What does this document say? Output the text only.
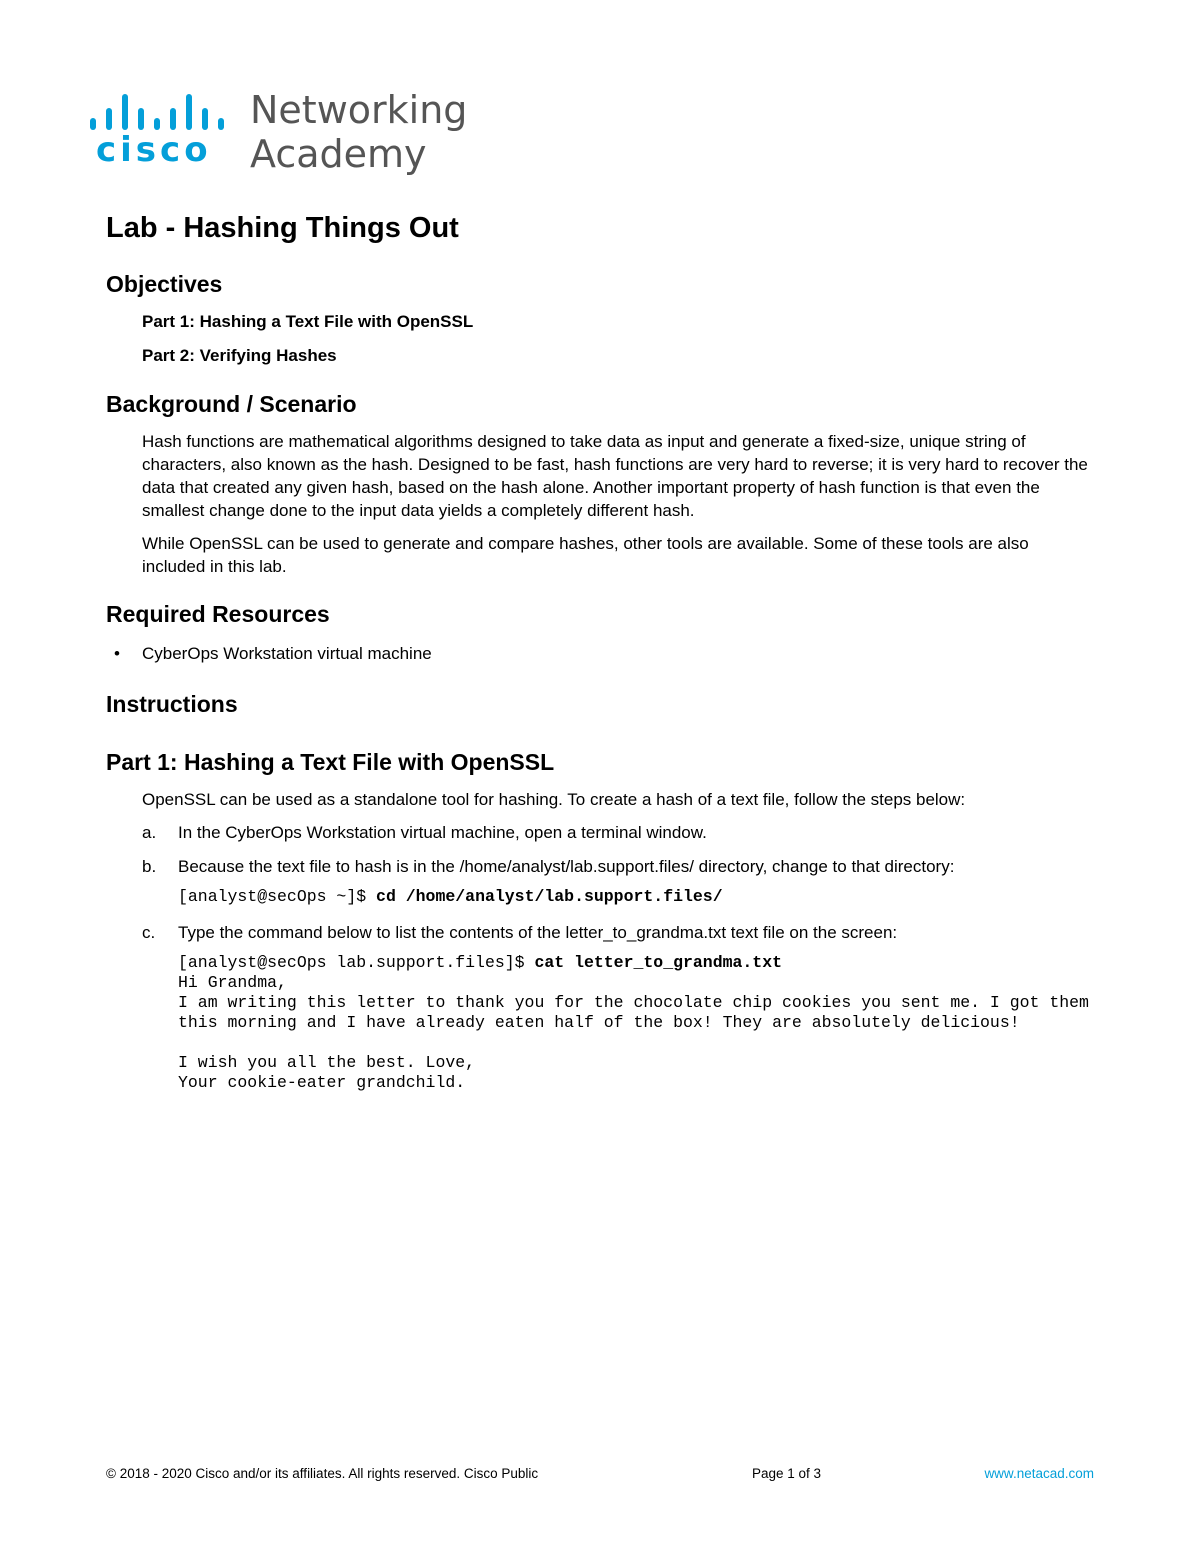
cisco
Networking
Academy
Lab - Hashing Things Out
Objectives
Part 1: Hashing a Text File with OpenSSL
Part 2: Verifying Hashes
Background / Scenario

Hash functions are mathematical algorithms designed to take data as input and generate a fixed-size, unique string of characters, also known as the hash. Designed to be fast, hash functions are very hard to reverse; it is very hard to recover the data that created any given hash, based on the hash alone. Another important property of hash function is that even the smallest change done to the input data yields a completely different hash.

While OpenSSL can be used to generate and compare hashes, other tools are available. Some of these tools are also included in this lab.

Required Resources
• CyberOps Workstation virtual machine
Instructions
Part 1: Hashing a Text File with OpenSSL

OpenSSL can be used as a standalone tool for hashing. To create a hash of a text file, follow the steps below:

a. In the CyberOps Workstation virtual machine, open a terminal window.
b. Because the text file to hash is in the /home/analyst/lab.support.files/ directory, change to that directory:
[analyst@secOps ~]$ cd /home/analyst/lab.support.files/
c. Type the command below to list the contents of the letter_to_grandma.txt text file on the screen:
[analyst@secOps lab.support.files]$ cat letter_to_grandma.txt
Hi Grandma,
I am writing this letter to thank you for the chocolate chip cookies you sent me. I got them this morning and I have already eaten half of the box! They are absolutely delicious!

I wish you all the best. Love,
Your cookie-eater grandchild.
© 2018 - 2020 Cisco and/or its affiliates. All rights reserved. Cisco Public	Page 1 of 3	www.netacad.com
